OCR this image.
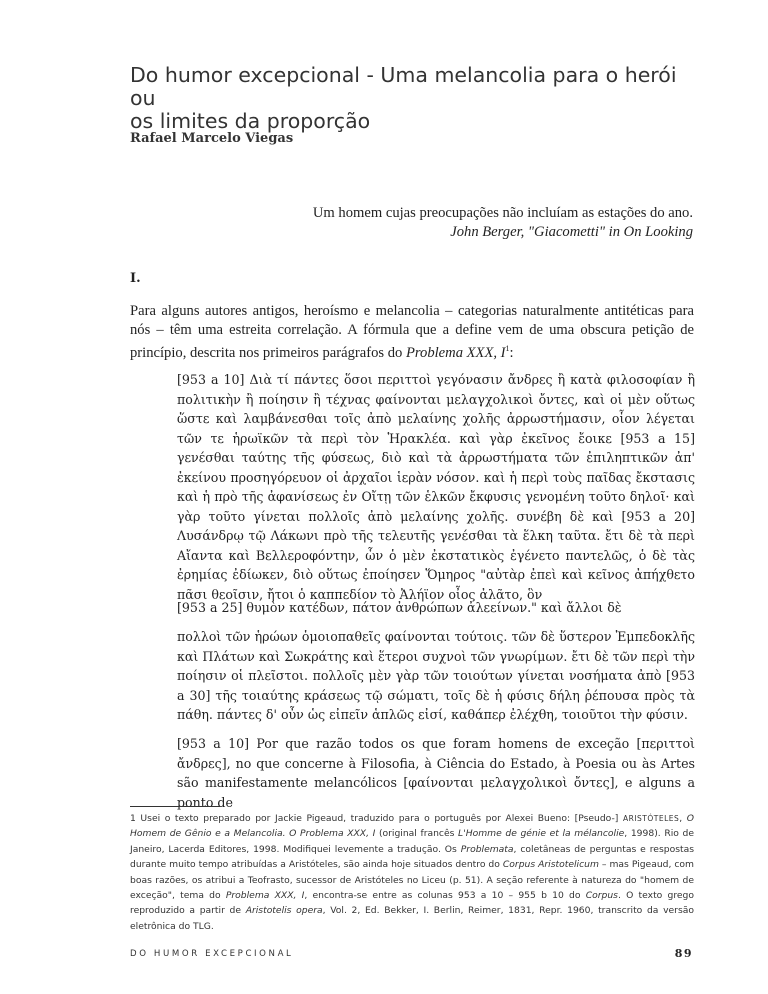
Do humor excepcional - Uma melancolia para o herói ou
os limites da proporção
Rafael Marcelo Viegas
Um homem cujas preocupações não incluíam as estações do ano.
John Berger, "Giacometti" in On Looking
I.

Para alguns autores antigos, heroísmo e melancolia – categorias naturalmente antitéticas para nós – têm uma estreita correlação. A fórmula que a define vem de uma obscura petição de princípio, descrita nos primeiros parágrafos do Problema XXX, $I^1$:

[953 a 10] Διὰ τί πάντες ὅσοι περιττοὶ γεγόνασιν ἄνδρες ἢ κατὰ φιλοσοφίαν ἢ πολιτικὴν ἢ ποίησιν ἢ τέχνας φαίνονται μελαγχολικοὶ ὄντες, καὶ οἱ μὲν οὕτως ὥστε καὶ λαμβάνεσθαι τοῖς ἀπὸ μελαίνης χολῆς ἀρρωστήμασιν, οἷον λέγεται τῶν τε ἡρωϊκῶν τὰ περὶ τὸν Ἡρακλέα. καὶ γὰρ ἐκεῖνος ἔοικε [953 a 15] γενέσθαι ταύτης τῆς φύσεως, διὸ καὶ τὰ ἀρρωστήματα τῶν ἐπιληπτικῶν ἀπ' ἐκείνου προσηγόρευον οἱ ἀρχαῖοι ἱερὰν νόσον. καὶ ἡ περὶ τοὺς παῖδας ἔκστασις καὶ ἡ πρὸ τῆς ἀφανίσεως ἐν Οἴτῃ τῶν ἑλκῶν ἔκφυσις γενομένη τοῦτο δηλοῖ· καὶ γὰρ τοῦτο γίνεται πολλοῖς ἀπὸ μελαίνης χολῆς. συνέβη δὲ καὶ [953 a 20] Λυσάνδρῳ τῷ Λάκωνι πρὸ τῆς τελευτῆς γενέσθαι τὰ ἕλκη ταῦτα. ἔτι δὲ τὰ περὶ Αἴαντα καὶ Βελλεροφόντην, ὧν ὁ μὲν ἐκστατικὸς ἐγένετο παντελῶς, ὁ δὲ τὰς ἐρημίας ἐδίωκεν, διὸ οὕτως ἐποίησεν Ὅμηρος "αὐτὰρ ἐπεὶ καὶ κεῖνος ἀπήχθετο πᾶσι θεοῖσιν, ἤτοι ὁ καππεδίον τὸ Ἀλήϊον οἶος ἀλᾶτο, ὃν

[953 a 25] θυμὸν κατέδων, πάτον ἀνθρώπων ἀλεείνων." καὶ ἄλλοι δὲ

πολλοὶ τῶν ἡρώων ὁμοιοπαθεῖς φαίνονται τούτοις. τῶν δὲ ὕστερον Ἐμπεδοκλῆς καὶ Πλάτων καὶ Σωκράτης καὶ ἕτεροι συχνοὶ τῶν γνωρίμων. ἔτι δὲ τῶν περὶ τὴν ποίησιν οἱ πλεῖστοι. πολλοῖς μὲν γὰρ τῶν τοιούτων γίνεται νοσήματα ἀπὸ [953 a 30] τῆς τοιαύτης κράσεως τῷ σώματι, τοῖς δὲ ἡ φύσις δήλη ῥέπουσα πρὸς τὰ πάθη. πάντες δ' οὖν ὡς εἰπεῖν ἁπλῶς εἰσί, καθάπερ ἐλέχθη, τοιοῦτοι τὴν φύσιν.

[953 a 10] Por que razão todos os que foram homens de exceção [περιττοὶ ἄνδρες], no que concerne à Filosofia, à Ciência do Estado, à Poesia ou às Artes são manifestamente melancólicos [φαίνονται μελαγχολικοὶ ὄντες], e alguns a ponto de

1 Usei o texto preparado por Jackie Pigeaud, traduzido para o português por Alexei Bueno: [Pseudo-] ARISTÓTELES, O Homem de Gênio e a Melancolia. O Problema XXX, I (original francês L'Homme de génie et la mélancolie, 1998). Rio de Janeiro, Lacerda Editores, 1998. Modifiquei levemente a tradução. Os Problemata, coletâneas de perguntas e respostas durante muito tempo atribuídas a Aristóteles, são ainda hoje situados dentro do Corpus Aristotelicum – mas Pigeaud, com boas razões, os atribui a Teofrasto, sucessor de Aristóteles no Liceu (p. 51). A seção referente à natureza do "homem de exceção", tema do Problema XXX, I, encontra-se entre as colunas 953 a 10 – 955 b 10 do Corpus. O texto grego reproduzido a partir de Aristotelis opera, Vol. 2, Ed. Bekker, I. Berlin, Reimer, 1831, Repr. 1960, transcrito da versão eletrônica do TLG.

DO HUMOR EXCEPCIONAL	89
